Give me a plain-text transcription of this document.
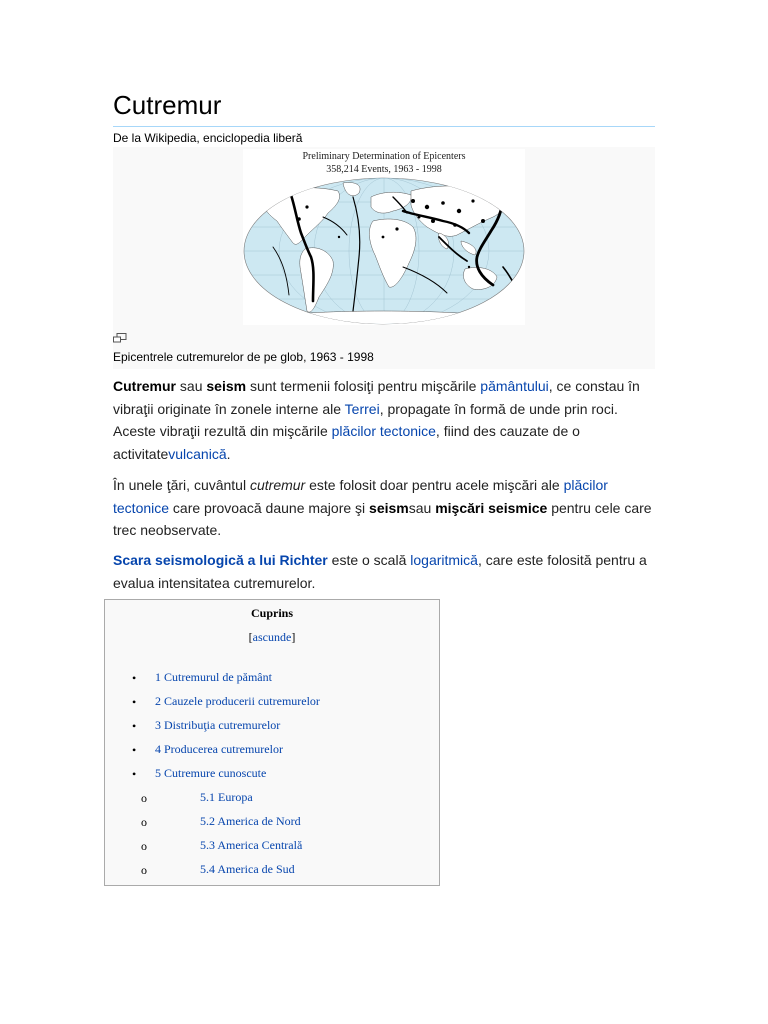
Cutremur
De la Wikipedia, enciclopedia liberă
Preliminary Determination of Epicenters
358,214 Events, 1963 - 1998
Epicentrele cutremurelor de pe glob, 1963 - 1998

Cutremur sau seism sunt termenii folosiţi pentru mişcările pământului, ce constau în vibraţii originate în zonele interne ale Terrei, propagate în formă de unde prin roci. Aceste vibraţii rezultă din mişcările plăcilor tectonice, fiind des cauzate de o activitatevulcanică.

În unele ţări, cuvântul cutremur este folosit doar pentru acele mişcări ale plăcilor tectonice care provoacă daune majore şi seismsau mişcări seismice pentru cele care trec neobservate.

Scara seismologică a lui Richter este o scală logaritmică, care este folosită pentru a evalua intensitatea cutremurelor.

Cuprins
[ascunde]
• 1 Cutremurul de pământ
• 2 Cauzele producerii cutremurelor
• 3 Distribuţia cutremurelor
• 4 Producerea cutremurelor
• 5 Cutremure cunoscute
o	5.1 Europa
o	5.2 America de Nord
o	5.3 America Centrală
o	5.4 America de Sud
